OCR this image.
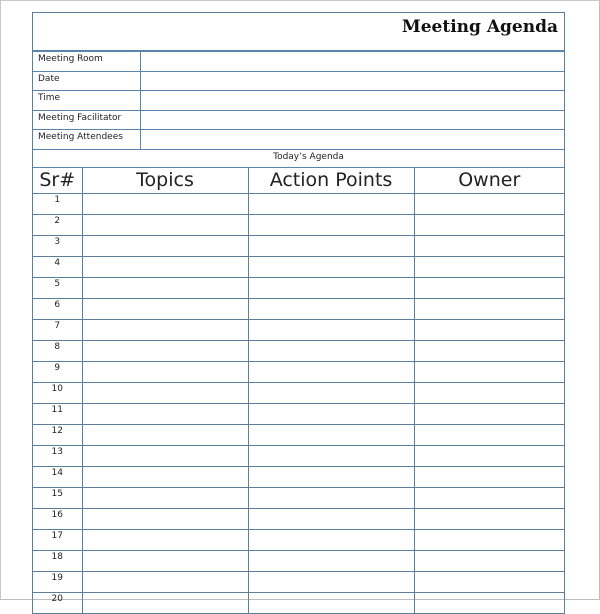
Meeting Agenda
Meeting Room
Date
Time
Meeting Facilitator
Meeting Attendees
Today’s Agenda
Sr#	Topics	Action Points	Owner
1			
2			
3			
4			
5			
6			
7			
8			
9			
10			
11			
12			
13			
14			
15			
16			
17			
18			
19			
20			
